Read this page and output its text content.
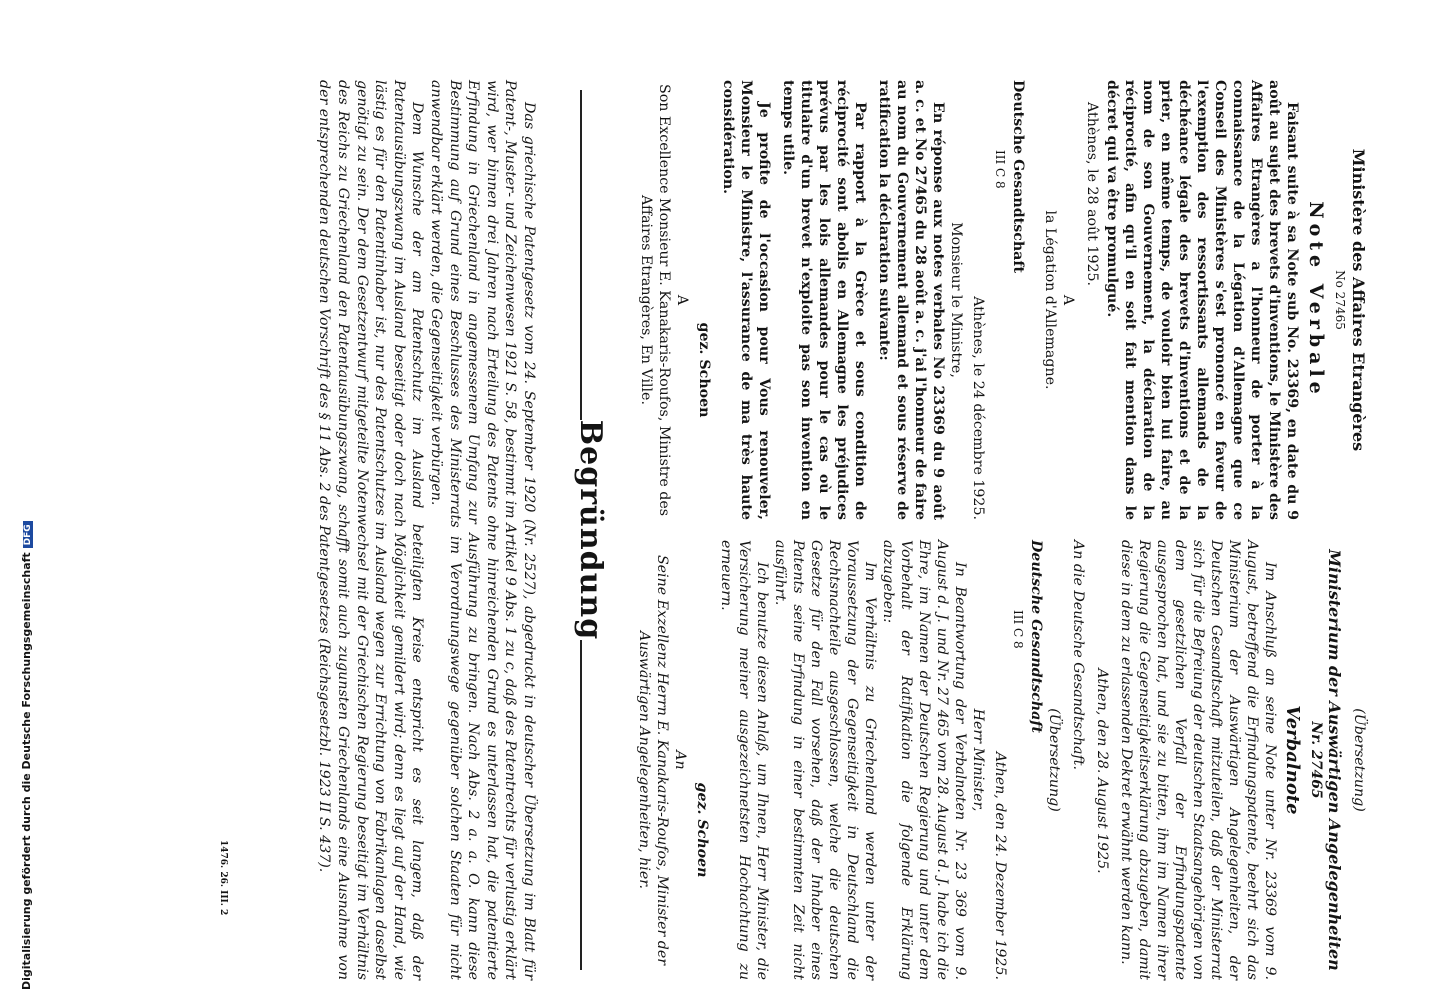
Ministère des Affaires Etrangères
No 27465
Note Verbale

Faisant suite à sa Note sub No. 23369, en date du 9 août au sujet des brevets d'inventions, le Ministère des Affaires Etrangères a l'honneur de porter à la connaissance de la Légation d'Allemagne que ce Conseil des Ministères s'est prononcé en faveur de l'exemption des ressortissants allemands de la déchéance légale des brevets d'inventions et de la prier, en même temps, de vouloir bien lui faire, au nom de son Gouvernement, la déclaration de la réciprocité, afin qu'il en soit fait mention dans le décret qui va être promulgué.

Athènes, le 28 août 1925.

A
la Légation d'Allemagne.
Deutsche Gesandtschaft
III C 8
Athènes, le 24 décembre 1925.
Monsieur le Ministre,

En réponse aux notes verbales No 23369 du 9 août a. c. et No 27465 du 28 août a. c. j'ai l'honneur de faire au nom du Gouvernement allemand et sous réserve de ratification la déclaration suivante:

Par rapport à la Grèce et sous condition de réciprocité sont abolis en Allemagne les préjudices prévus par les lois allemandes pour le cas où le titulaire d'un brevet n'exploite pas son invention en temps utile.

Je profite de l'occasion pour Vous renouveler, Monsieur le Ministre, l'assurance de ma très haute considération.

gez. Schoen
A
Son Excellence Monsieur E. Kanakaris-Roufos, Ministre des Affaires Etrangères, En Ville.
(Übersetzung)
Ministerium der Auswärtigen Angelegenheiten
Nr. 27465
Verbalnote

Im Anschluß an seine Note unter Nr. 23369 vom 9. August, betreffend die Erfindungspatente, beehrt sich das Ministerium der Auswärtigen Angelegenheiten, der Deutschen Gesandtschaft mitzuteilen, daß der Ministerrat sich für die Befreiung der deutschen Staatsangehörigen von dem gesetzlichen Verfall der Erfindungspatente ausgesprochen hat, und sie zu bitten, ihm im Namen ihrer Regierung die Gegenseitigkeitserklärung abzugeben, damit diese in dem zu erlassenden Dekret erwähnt werden kann.

Athen, den 28. August 1925.

An die Deutsche Gesandtschaft.

(Übersetzung)
Deutsche Gesandtschaft
III C 8
Athen, den 24. Dezember 1925.
Herr Minister,

In Beantwortung der Verbalnoten Nr. 23 369 vom 9. August d. J. und Nr. 27 465 vom 28. August d. J. habe ich die Ehre, im Namen der Deutschen Regierung und unter dem Vorbehalt der Ratifikation die folgende Erklärung abzugeben:

Im Verhältnis zu Griechenland werden unter der Voraussetzung der Gegenseitigkeit in Deutschland die Rechtsnachteile ausgeschlossen, welche die deutschen Gesetze für den Fall vorsehen, daß der Inhaber eines Patents seine Erfindung in einer bestimmten Zeit nicht ausführt.

Ich benutze diesen Anlaß, um Ihnen, Herr Minister, die Versicherung meiner ausgezeichnetsten Hochachtung zu erneuern.

gez. Schoen
An
Seine Exzellenz Herrn E. Kanakaris-Roufos, Minister der Auswärtigen Angelegenheiten, hier.
Begründung

Das griechische Patentgesetz vom 24. September 1920 (Nr. 2527), abgedruckt in deutscher Übersetzung im Blatt für Patent-, Muster- und Zeichenwesen 1921 S. 58, bestimmt im Artikel 9 Abs. 1 zu c, daß des Patentrechts für verlustig erklärt wird, wer binnen drei Jahren nach Erteilung des Patents ohne hinreichenden Grund es unterlassen hat, die patentierte Erfindung in Griechenland in angemessenem Umfang zur Ausführung zu bringen. Nach Abs. 2 a. a. O. kann diese Bestimmung auf Grund eines Beschlusses des Ministerrats im Verordnungswege gegenüber solchen Staaten für nicht anwendbar erklärt werden, die Gegenseitigkeit verbürgen.

Dem Wunsche der am Patentschutz im Ausland beteiligten Kreise entspricht es seit langem, daß der Patentausübungszwang im Ausland beseitigt oder doch nach Möglichkeit gemildert wird; denn es liegt auf der Hand, wie lästig es für den Patentinhaber ist, nur des Patentschutzes im Ausland wegen zur Errichtung von Fabrikanlagen daselbst genötigt zu sein. Der dem Gesetzentwurf mitgeteilte Notenwechsel mit der Griechischen Regierung beseitigt im Verhältnis des Reichs zu Griechenland den Patentausübungszwang, schafft somit auch zugunsten Griechenlands eine Ausnahme von der entsprechenden deutschen Vorschrift des § 11 Abs. 2 des Patentgesetzes (Reichsgesetzbl. 1923 II S. 437).

1476. 26. III. 2
Digitalisierung gefördert durch die Deutsche ForschungsgemeinschaftDFG
